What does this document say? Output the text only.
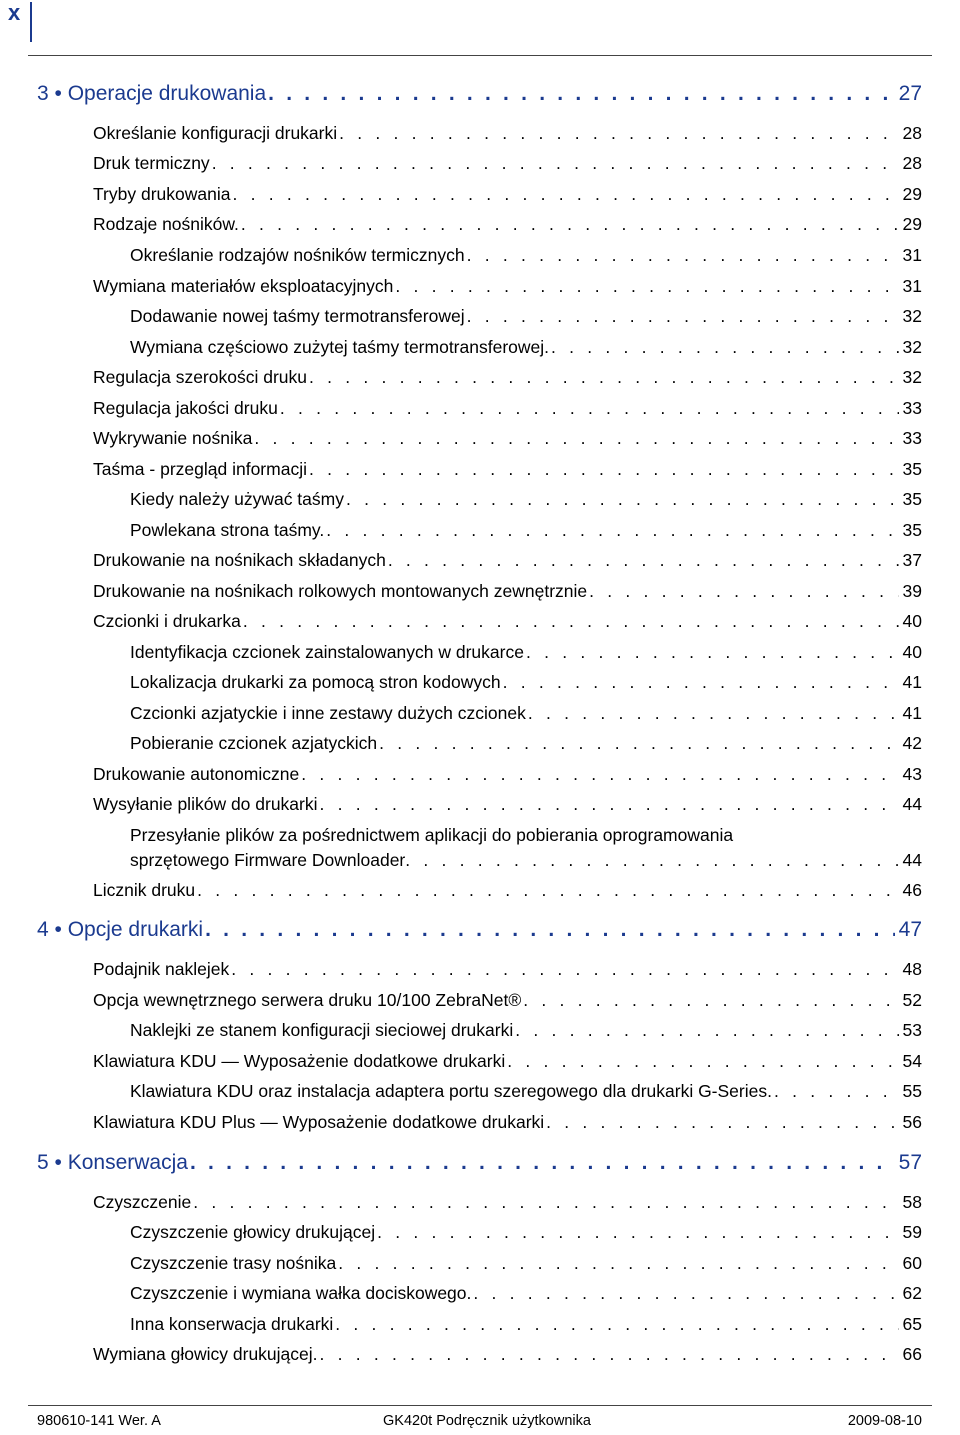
x
3 • Operacje drukowania . . .	27
Określanie konfiguracji drukarki . . .	28
Druk termiczny . . .	28
Tryby drukowania . . .	29
Rodzaje nośników. . . .	29
Określanie rodzajów nośników termicznych . . .	31
Wymiana materiałów eksploatacyjnych . . .	31
Dodawanie nowej taśmy termotransferowej . . .	32
Wymiana częściowo zużytej taśmy termotransferowej. . . .	32
Regulacja szerokości druku . . .	32
Regulacja jakości druku . . .	33
Wykrywanie nośnika . . .	33
Taśma - przegląd informacji . . .	35
Kiedy należy używać taśmy . . .	35
Powlekana strona taśmy. . . .	35
Drukowanie na nośnikach składanych . . .	37
Drukowanie na nośnikach rolkowych montowanych zewnętrznie . . .	39
Czcionki i drukarka . . .	40
Identyfikacja czcionek zainstalowanych w drukarce . . .	40
Lokalizacja drukarki za pomocą stron kodowych . . .	41
Czcionki azjatyckie i inne zestawy dużych czcionek . . .	41
Pobieranie czcionek azjatyckich . . .	42
Drukowanie autonomiczne . . .	43
Wysyłanie plików do drukarki . . .	44
Przesyłanie plików za pośrednictwem aplikacji do pobierania oprogramowania
sprzętowego Firmware Downloader . . .	44
Licznik druku . . .	46
4 • Opcje drukarki . . .	47
Podajnik naklejek . . .	48
Opcja wewnętrznego serwera druku 10/100 ZebraNet® . . .	52
Naklejki ze stanem konfiguracji sieciowej drukarki . . .	53
Klawiatura KDU — Wyposażenie dodatkowe drukarki . . .	54
Klawiatura KDU oraz instalacja adaptera portu szeregowego dla drukarki G-Series. . . .	55
Klawiatura KDU Plus — Wyposażenie dodatkowe drukarki . . .	56
5 • Konserwacja . . .	57
Czyszczenie . . .	58
Czyszczenie głowicy drukującej . . .	59
Czyszczenie trasy nośnika . . .	60
Czyszczenie i wymiana wałka dociskowego. . . .	62
Inna konserwacja drukarki . . .	65
Wymiana głowicy drukującej. . . .	66
980610-141 Wer. A	GK420t Podręcznik użytkownika	2009-08-10
